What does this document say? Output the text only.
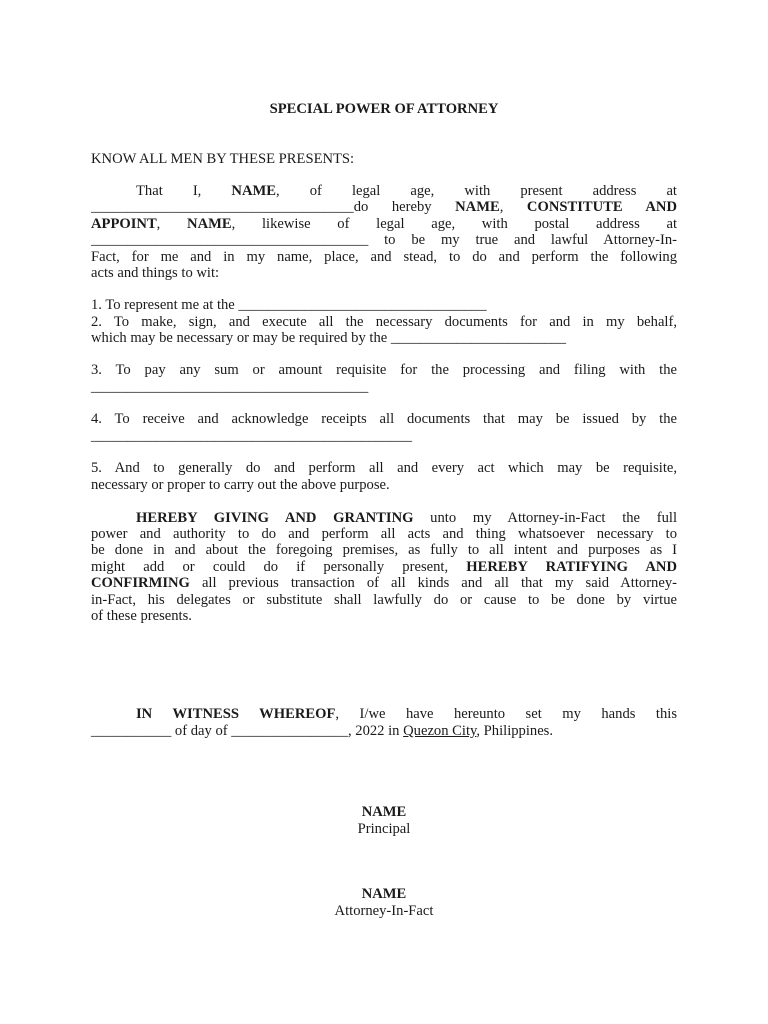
SPECIAL POWER OF ATTORNEY
KNOW ALL MEN BY THESE PRESENTS:
That I, NAME, of legal age, with present address at
____________________________________do hereby NAME, CONSTITUTE AND
APPOINT, NAME, likewise of legal age, with postal address at
______________________________________ to be my true and lawful Attorney-In-
Fact, for me and in my name, place, and stead, to do and perform the following
acts and things to wit:
1. To represent me at the __________________________________
2. To make, sign, and execute all the necessary documents for and in my behalf,
which may be necessary or may be required by the ________________________
3. To pay any sum or amount requisite for the processing and filing with the
______________________________________
4. To receive and acknowledge receipts all documents that may be issued by the
____________________________________________
5. And to generally do and perform all and every act which may be requisite,
necessary or proper to carry out the above purpose.
HEREBY GIVING AND GRANTING unto my Attorney-in-Fact the full
power and authority to do and perform all acts and thing whatsoever necessary to
be done in and about the foregoing premises, as fully to all intent and purposes as I
might add or could do if personally present, HEREBY RATIFYING AND
CONFIRMING all previous transaction of all kinds and all that my said Attorney-
in-Fact, his delegates or substitute shall lawfully do or cause to be done by virtue
of these presents.
IN WITNESS WHEREOF, I/we have hereunto set my hands this
___________ of day of ________________, 2022 in Quezon City, Philippines.
NAME
Principal
NAME
Attorney-In-Fact
